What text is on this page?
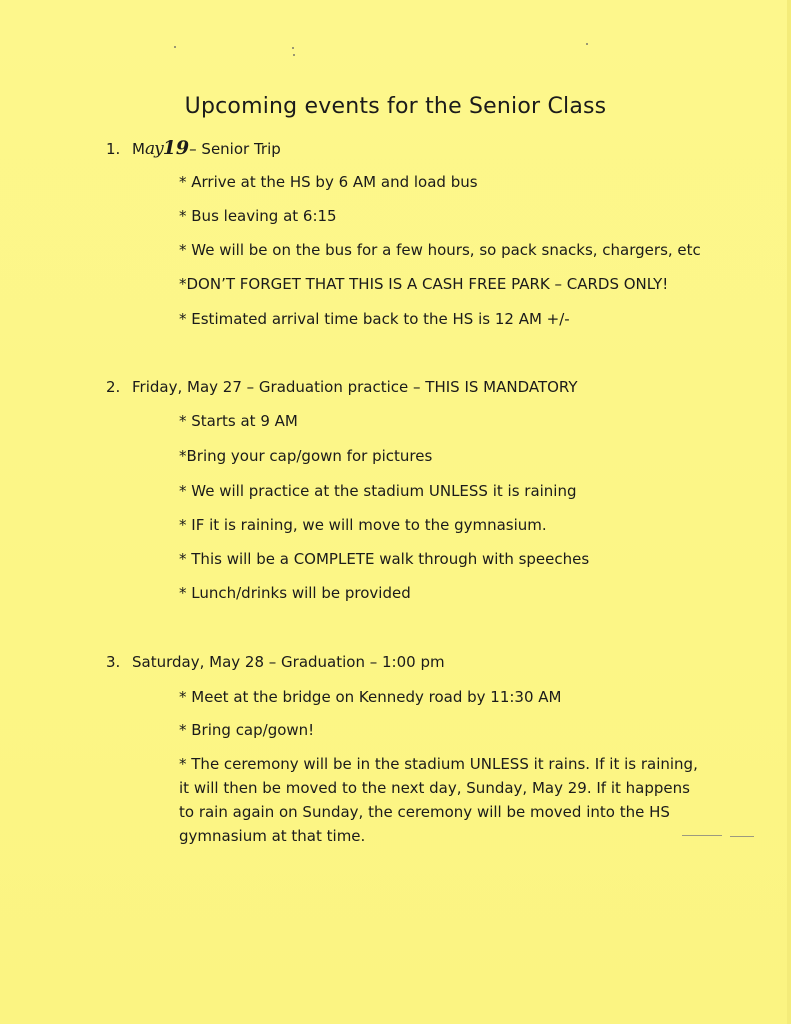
Upcoming events for the Senior Class
1. May19– Senior Trip
* Arrive at the HS by 6 AM and load bus
* Bus leaving at 6:15
* We will be on the bus for a few hours, so pack snacks, chargers, etc
*DON’T FORGET THAT THIS IS A CASH FREE PARK – CARDS ONLY!
* Estimated arrival time back to the HS is 12 AM +/-
2. Friday, May 27 – Graduation practice – THIS IS MANDATORY
* Starts at 9 AM
*Bring your cap/gown for pictures
* We will practice at the stadium UNLESS it is raining
* IF it is raining, we will move to the gymnasium.
* This will be a COMPLETE walk through with speeches
* Lunch/drinks will be provided
3. Saturday, May 28 – Graduation – 1:00 pm
* Meet at the bridge on Kennedy road by 11:30 AM
* Bring cap/gown!
* The ceremony will be in the stadium UNLESS it rains. If it is raining, it will then be moved to the next day, Sunday, May 29. If it happens to rain again on Sunday, the ceremony will be moved into the HS gymnasium at that time.
